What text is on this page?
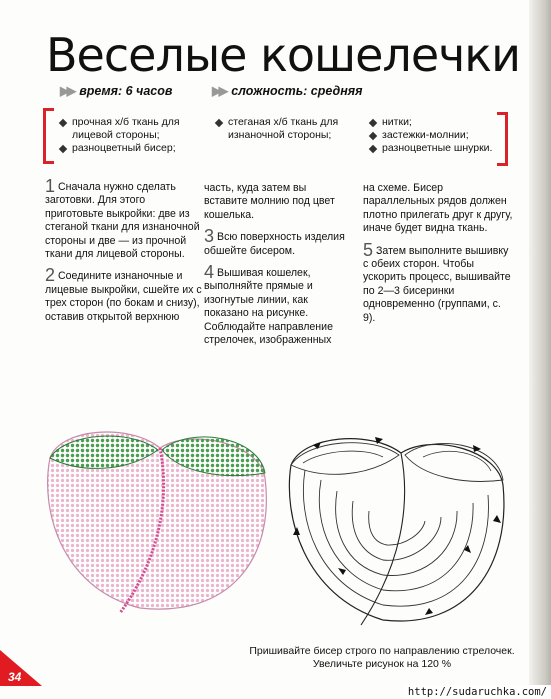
Веселые кошелечки
▶▶ время: 6 часов	▶▶ сложность: средняя
прочная х/б ткань для лицевой стороны;
разноцветный бисер;
стеганая х/б ткань для изнаночной стороны;
нитки;
застежки-молнии;
разноцветные шнурки.

1 Сначала нужно сделать заготовки. Для этого приготовьте выкройки: две из стеганой ткани для изнаночной стороны и две — из прочной ткани для лицевой стороны.

2 Соедините изнаночные и лицевые выкройки, сшейте их с трех сторон (по бокам и снизу), оставив открытой верхнюю

часть, куда затем вы вставите молнию под цвет кошелька.

3 Всю поверхность изделия обшейте бисером.

4 Вышивая кошелек, выполняйте прямые и изогнутые линии, как показано на рисунке. Соблюдайте направление стрелочек, изображенных

на схеме. Бисер параллельных рядов должен плотно прилегать друг к другу, иначе будет видна ткань.

5 Затем выполните вышивку с обеих сторон. Чтобы ускорить процесс, вышивайте по 2—3 бисеринки одновременно (группами, с. 9).

Пришивайте бисер строго по направлению стрелочек.
Увеличьте рисунок на 120 %
34
http://sudaruchka.com/
